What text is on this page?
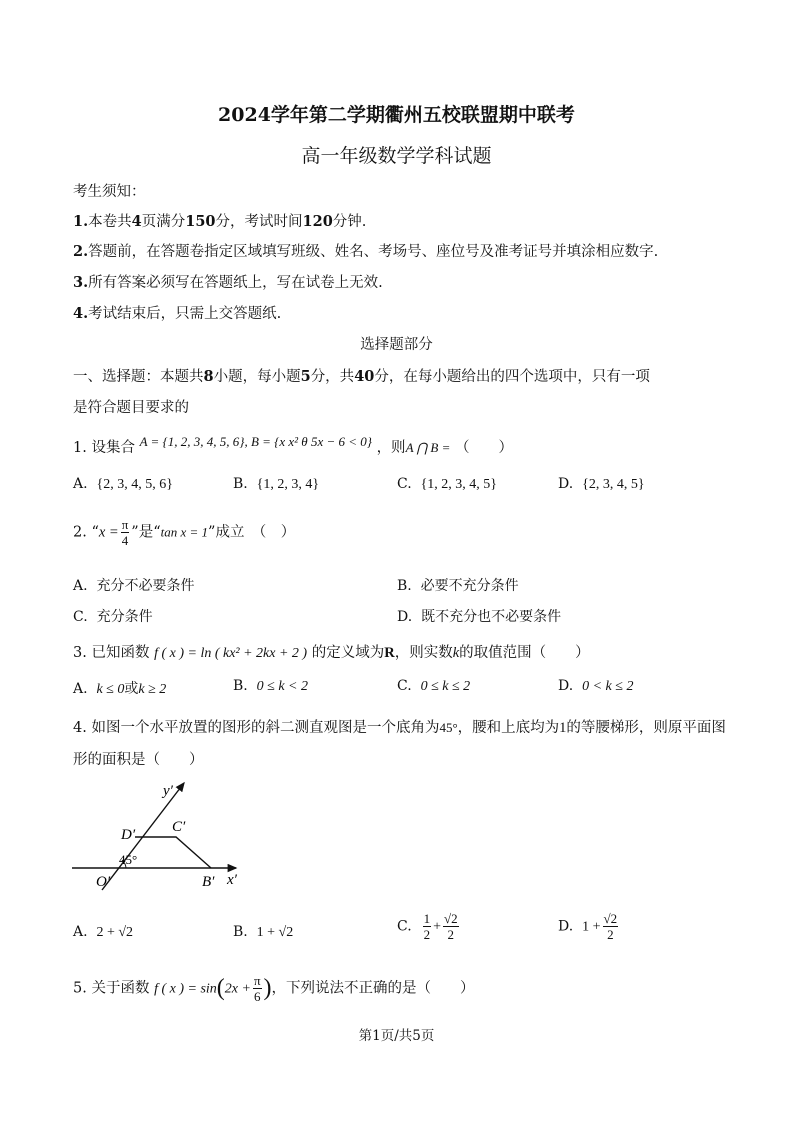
2024学年第二学期衢州五校联盟期中联考
高一年级数学学科试题
考生须知：
1.本卷共4页满分150分，考试时间120分钟.
2.答题前，在答题卷指定区域填写班级、姓名、考场号、座位号及准考证号并填涂相应数字.
3.所有答案必须写在答题纸上，写在试卷上无效.
4.考试结束后，只需上交答题纸.
选择题部分
一、选择题：本题共8小题，每小题5分，共40分，在每小题给出的四个选项中，只有一项
是符合题目要求的
1. 设集合 A = {1, 2, 3, 4, 5, 6}, B = {x x² θ 5x − 6 < 0} ，则A ⋂ B = （　　）
A. {2, 3, 4, 5, 6}	B. {1, 2, 3, 4}	C. {1, 2, 3, 4, 5}	D. {2, 3, 4, 5}
2. “$x = \frac{\pi}{4}$ ”是“tan x = 1”成立　（　）
A. 充分不必要条件	B. 必要不充分条件
C. 充分条件	D. 既不充分也不必要条件
3. 已知函数 f ( x ) = ln ( kx² + 2kx + 2 ) 的定义域为R，则实数k的取值范围（　　）
A. k ≤ 0或k ≥ 2	B. 0 ≤ k < 2	C. 0 ≤ k ≤ 2	D. 0 < k ≤ 2
4. 如图一个水平放置的图形的斜二测直观图是一个底角为45°，腰和上底均为1的等腰梯形，则原平面图
形的面积是（　　）
y′
x′
D′ C′
O′	B′
45°
A. 2 + √2	B. 1 + √2	C. $\frac{1}{2} + \frac{√2}{2}$	D. $1 + \frac{√2}{2}$
5. 关于函数 f ( x ) = $\sin(2x + \frac{\pi}{6}$ )，下列说法不正确的是（　　）
第1页/共5页
